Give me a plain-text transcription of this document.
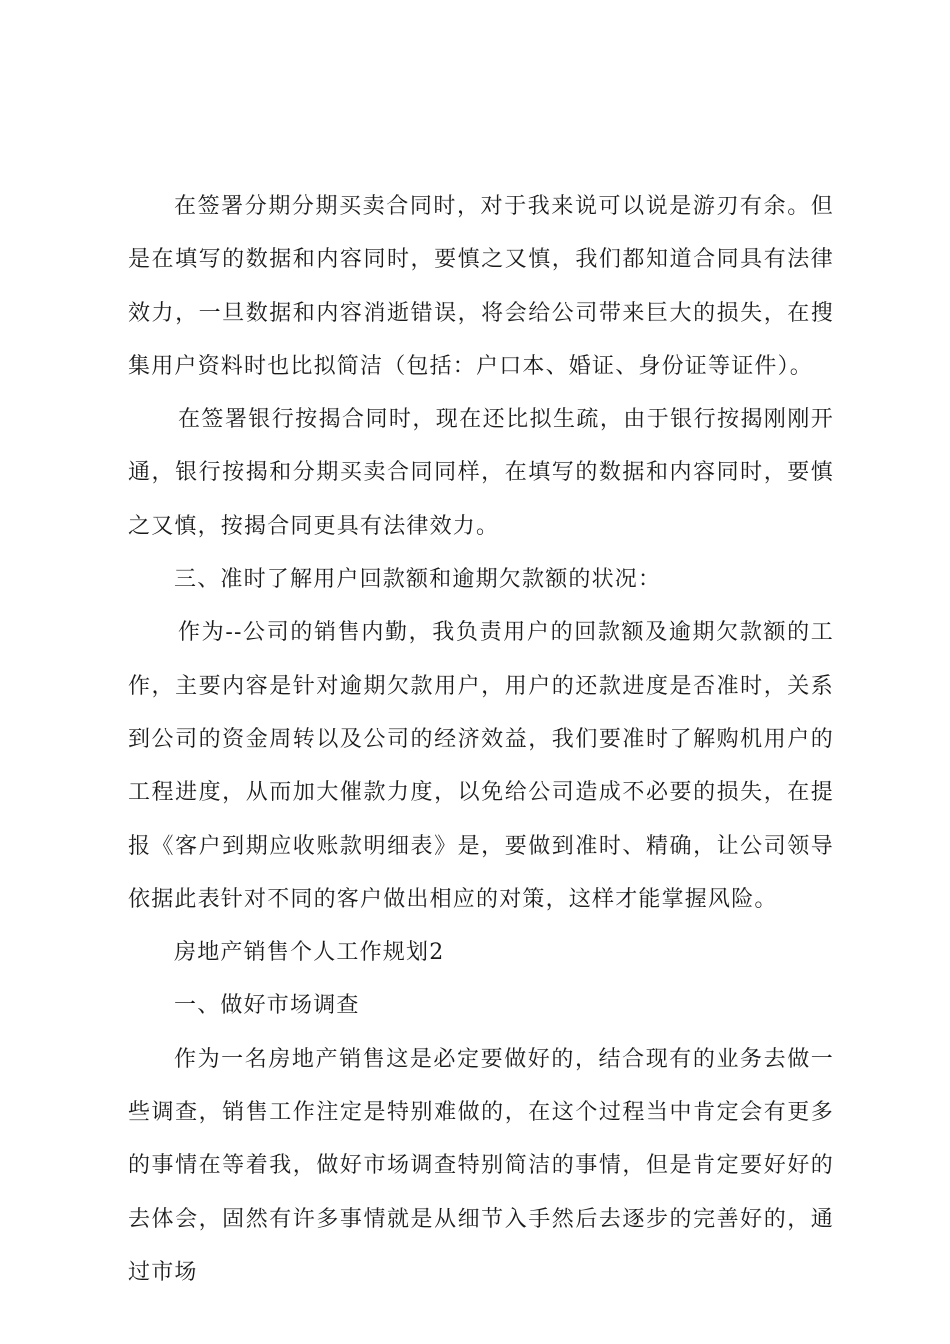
在签署分期分期买卖合同时，对于我来说可以说是游刃有余。但是在填写的数据和内容同时，要慎之又慎，我们都知道合同具有法律效力，一旦数据和内容消逝错误，将会给公司带来巨大的损失，在搜集用户资料时也比拟简洁（包括：户口本、婚证、身份证等证件）。

在签署银行按揭合同时，现在还比拟生疏，由于银行按揭刚刚开通，银行按揭和分期买卖合同同样，在填写的数据和内容同时，要慎之又慎，按揭合同更具有法律效力。

三、准时了解用户回款额和逾期欠款额的状况：

作为--公司的销售内勤，我负责用户的回款额及逾期欠款额的工作，主要内容是针对逾期欠款用户，用户的还款进度是否准时，关系到公司的资金周转以及公司的经济效益，我们要准时了解购机用户的工程进度，从而加大催款力度，以免给公司造成不必要的损失，在提报《客户到期应收账款明细表》是，要做到准时、精确，让公司领导依据此表针对不同的客户做出相应的对策，这样才能掌握风险。

房地产销售个人工作规划2

一、做好市场调查

作为一名房地产销售这是必定要做好的，结合现有的业务去做一些调查，销售工作注定是特别难做的，在这个过程当中肯定会有更多的事情在等着我，做好市场调查特别简洁的事情，但是肯定要好好的去体会，固然有许多事情就是从细节入手然后去逐步的完善好的，通过市场
